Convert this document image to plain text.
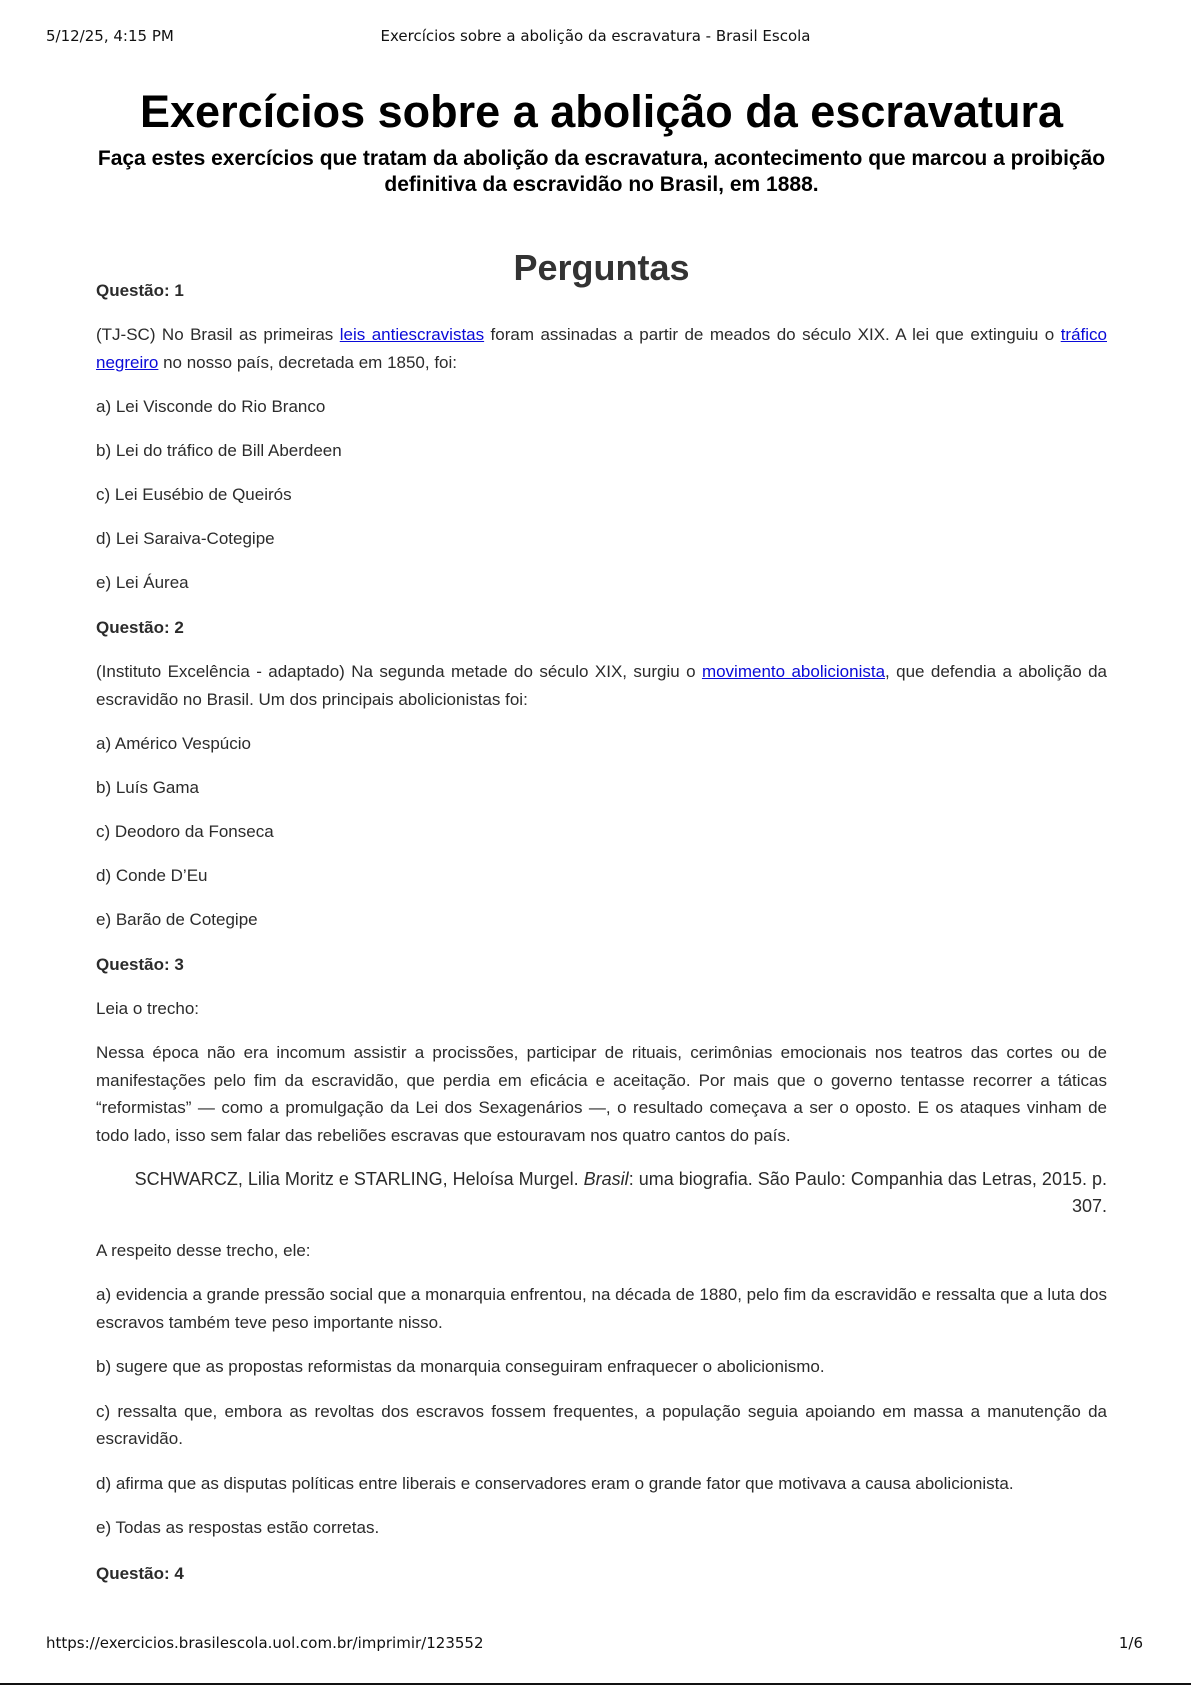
5/12/25, 4:15 PM	Exercícios sobre a abolição da escravatura - Brasil Escola
Exercícios sobre a abolição da escravatura

Faça estes exercícios que tratam da abolição da escravatura, acontecimento que marcou a proibição definitiva da escravidão no Brasil, em 1888.

Perguntas

Questão: 1

(TJ-SC) No Brasil as primeiras leis antiescravistas foram assinadas a partir de meados do século XIX. A lei que extinguiu o tráfico negreiro no nosso país, decretada em 1850, foi:

a) Lei Visconde do Rio Branco

b) Lei do tráfico de Bill Aberdeen

c) Lei Eusébio de Queirós

d) Lei Saraiva-Cotegipe

e) Lei Áurea

Questão: 2

(Instituto Excelência - adaptado) Na segunda metade do século XIX, surgiu o movimento abolicionista, que defendia a abolição da escravidão no Brasil. Um dos principais abolicionistas foi:

a) Américo Vespúcio

b) Luís Gama

c) Deodoro da Fonseca

d) Conde D’Eu

e) Barão de Cotegipe

Questão: 3

Leia o trecho:

Nessa época não era incomum assistir a procissões, participar de rituais, cerimônias emocionais nos teatros das cortes ou de manifestações pelo fim da escravidão, que perdia em eficácia e aceitação. Por mais que o governo tentasse recorrer a táticas “reformistas” — como a promulgação da Lei dos Sexagenários —, o resultado começava a ser o oposto. E os ataques vinham de todo lado, isso sem falar das rebeliões escravas que estouravam nos quatro cantos do país.

SCHWARCZ, Lilia Moritz e STARLING, Heloísa Murgel. Brasil: uma biografia. São Paulo: Companhia das Letras, 2015. p. 307.

A respeito desse trecho, ele:

a) evidencia a grande pressão social que a monarquia enfrentou, na década de 1880, pelo fim da escravidão e ressalta que a luta dos escravos também teve peso importante nisso.

b) sugere que as propostas reformistas da monarquia conseguiram enfraquecer o abolicionismo.

c) ressalta que, embora as revoltas dos escravos fossem frequentes, a população seguia apoiando em massa a manutenção da escravidão.

d) afirma que as disputas políticas entre liberais e conservadores eram o grande fator que motivava a causa abolicionista.

e) Todas as respostas estão corretas.

Questão: 4

https://exercicios.brasilescola.uol.com.br/imprimir/123552	1/6
